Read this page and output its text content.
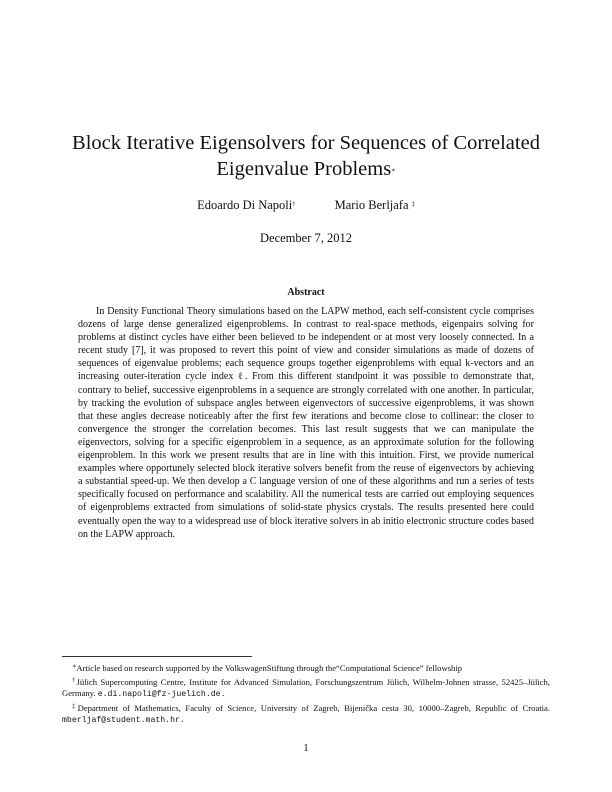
Block Iterative Eigensolvers for Sequences of Correlated Eigenvalue Problems∗
Edoardo Di Napoli†	Mario Berljafa ‡
December 7, 2012
Abstract

In Density Functional Theory simulations based on the LAPW method, each self-consistent cycle comprises dozens of large dense generalized eigenproblems. In contrast to real-space methods, eigenpairs solving for problems at distinct cycles have either been believed to be independent or at most very loosely connected. In a recent study [7], it was proposed to revert this point of view and consider simulations as made of dozens of sequences of eigenvalue problems; each sequence groups together eigenproblems with equal k-vectors and an increasing outer-iteration cycle index ℓ. From this different standpoint it was possible to demonstrate that, contrary to belief, successive eigenproblems in a sequence are strongly correlated with one another. In particular, by tracking the evolution of subspace angles between eigenvectors of successive eigenproblems, it was shown that these angles decrease noticeably after the first few iterations and become close to collinear: the closer to convergence the stronger the correlation becomes. This last result suggests that we can manipulate the eigenvectors, solving for a specific eigenproblem in a sequence, as an approximate solution for the following eigenproblem. In this work we present results that are in line with this intuition. First, we provide numerical examples where opportunely selected block iterative solvers benefit from the reuse of eigenvectors by achieving a substantial speed-up. We then develop a C language version of one of these algorithms and run a series of tests specifically focused on performance and scalability. All the numerical tests are carried out employing sequences of eigenproblems extracted from simulations of solid-state physics crystals. The results presented here could eventually open the way to a widespread use of block iterative solvers in ab initio electronic structure codes based on the LAPW approach.

∗Article based on research supported by the VolkswagenStiftung through the“Computational Science” fellowship

†Jülich Supercomputing Centre, Institute for Advanced Simulation, Forschungszentrum Jülich, Wilhelm-Johnen strasse, 52425–Jülich, Germany. e.di.napoli@fz-juelich.de.

‡Department of Mathematics, Faculty of Science, University of Zagreb, Bijenička cesta 30, 10000–Zagreb, Republic of Croatia. mberljaf@student.math.hr.

1
